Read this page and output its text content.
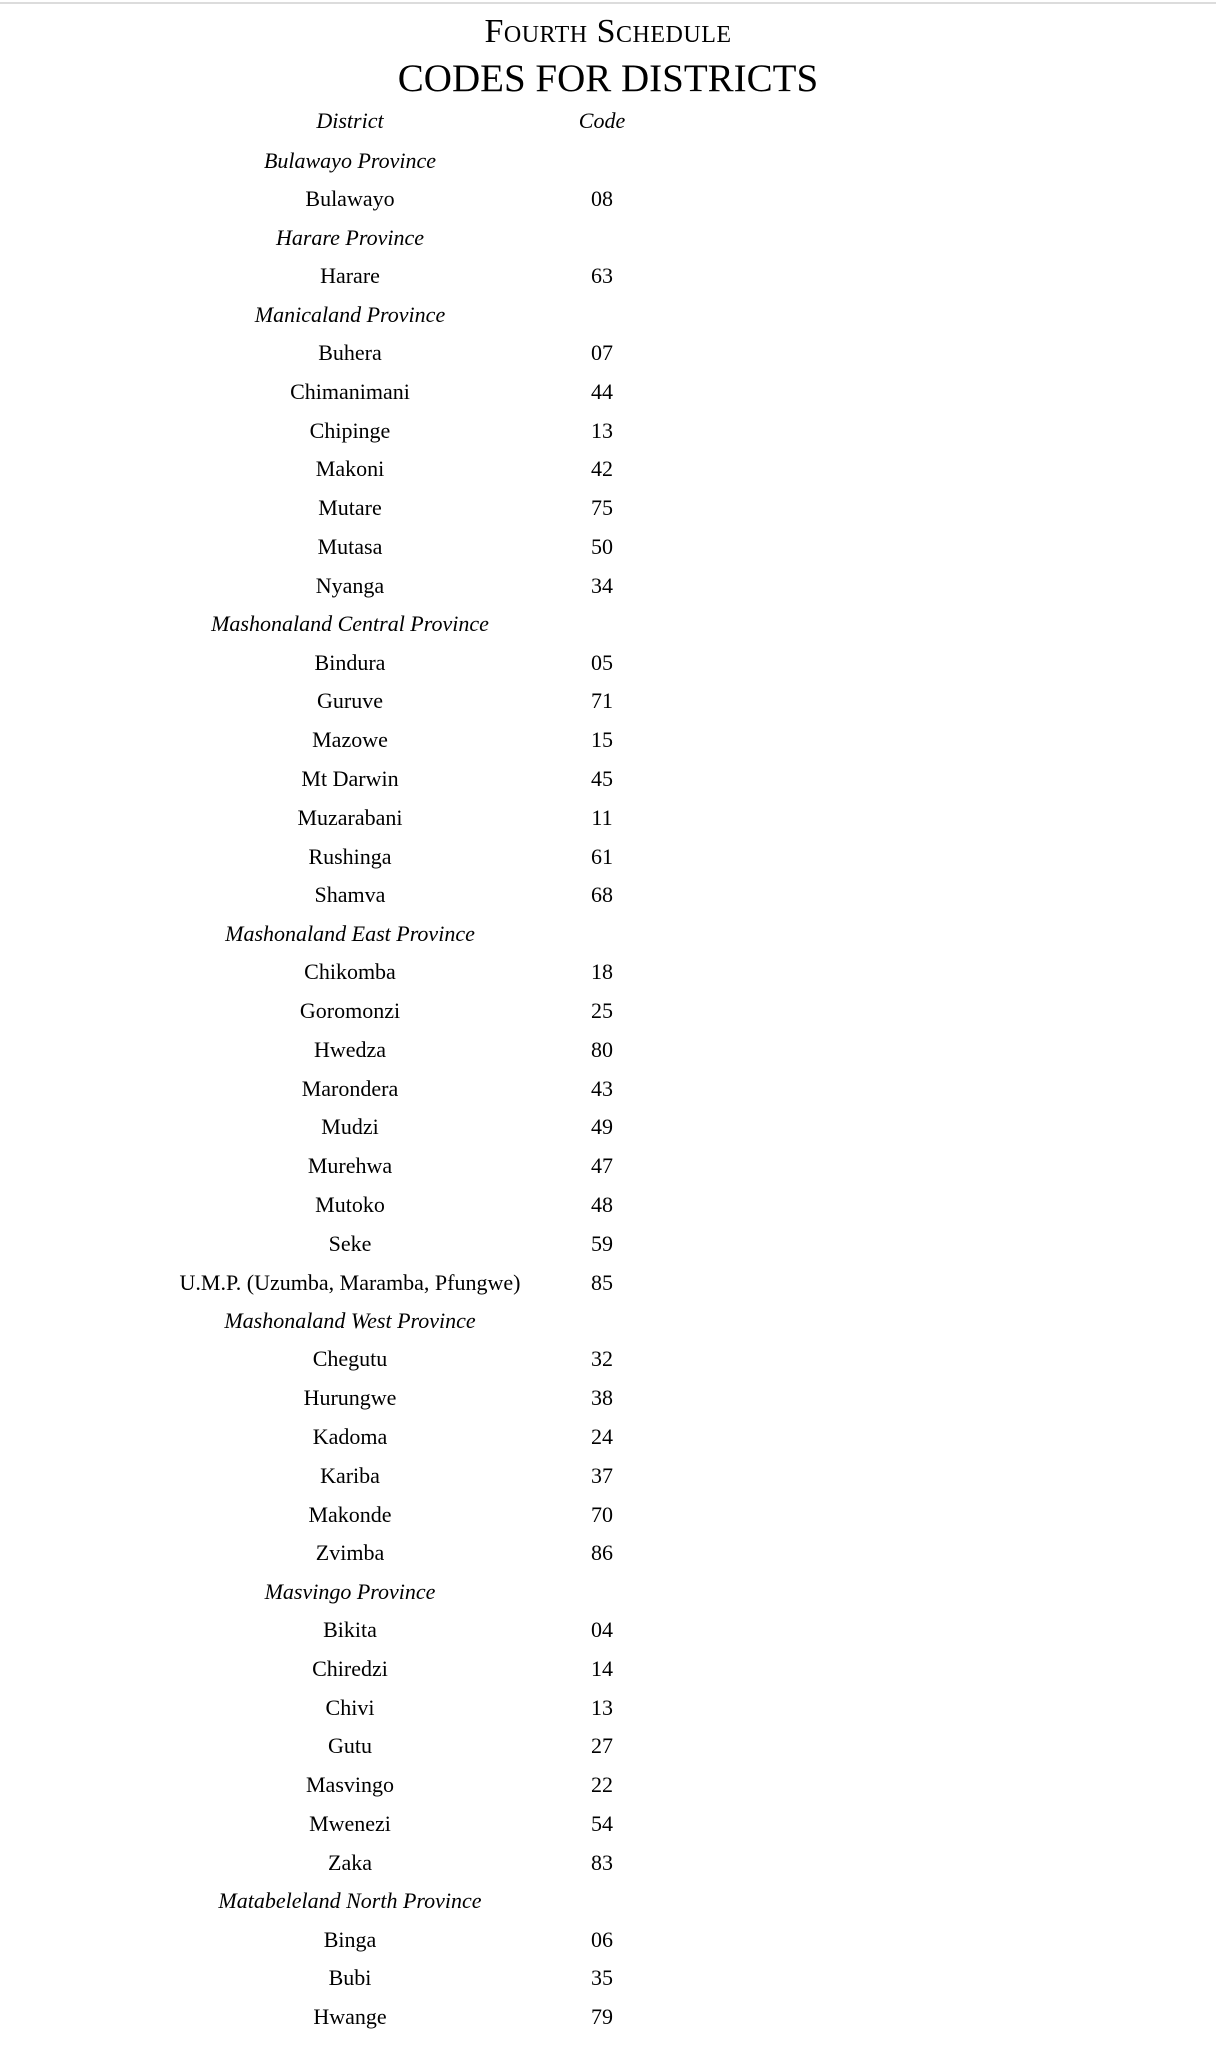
Fourth Schedule
CODES FOR DISTRICTS
District	Code
Bulawayo Province	
Bulawayo	08
Harare Province	
Harare	63
Manicaland Province	
Buhera	07
Chimanimani	44
Chipinge	13
Makoni	42
Mutare	75
Mutasa	50
Nyanga	34
Mashonaland Central Province	
Bindura	05
Guruve	71
Mazowe	15
Mt Darwin	45
Muzarabani	11
Rushinga	61
Shamva	68
Mashonaland East Province	
Chikomba	18
Goromonzi	25
Hwedza	80
Marondera	43
Mudzi	49
Murehwa	47
Mutoko	48
Seke	59
U.M.P. (Uzumba, Maramba, Pfungwe)	85
Mashonaland West Province	
Chegutu	32
Hurungwe	38
Kadoma	24
Kariba	37
Makonde	70
Zvimba	86
Masvingo Province	
Bikita	04
Chiredzi	14
Chivi	13
Gutu	27
Masvingo	22
Mwenezi	54
Zaka	83
Matabeleland North Province	
Binga	06
Bubi	35
Hwange	79
